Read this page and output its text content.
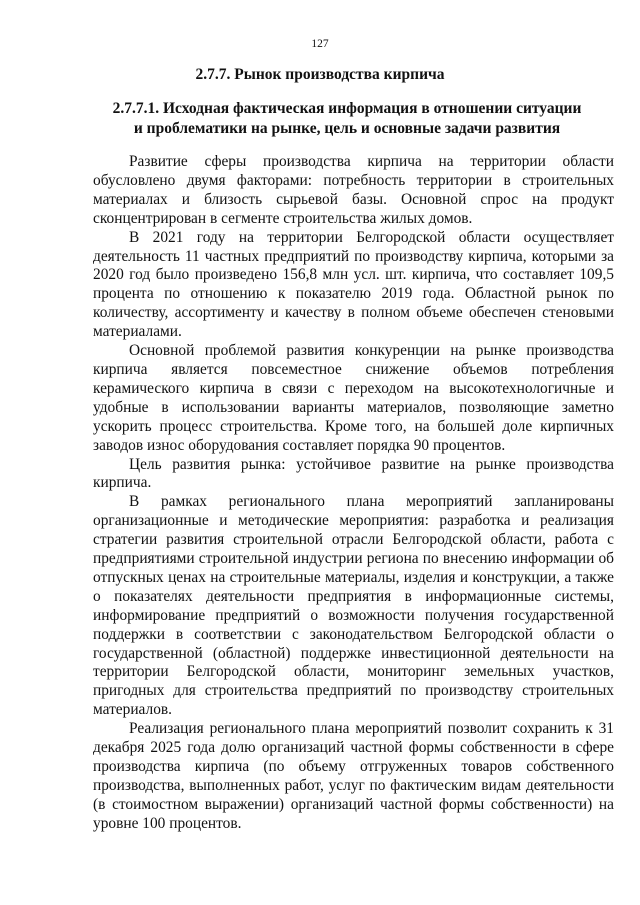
127
2.7.7. Рынок производства кирпича
2.7.7.1. Исходная фактическая информация в отношении ситуации
и проблематики на рынке, цель и основные задачи развития

Развитие сферы производства кирпича на территории области обусловлено двумя факторами: потребность территории в строительных материалах и близость сырьевой базы. Основной спрос на продукт сконцентрирован в сегменте строительства жилых домов.

В 2021 году на территории Белгородской области осуществляет деятельность 11 частных предприятий по производству кирпича, которыми за 2020 год было произведено 156,8 млн усл. шт. кирпича, что составляет 109,5 процента по отношению к показателю 2019 года. Областной рынок по количеству, ассортименту и качеству в полном объеме обеспечен стеновыми материалами.

Основной проблемой развития конкуренции на рынке производства кирпича является повсеместное снижение объемов потребления керамического кирпича в связи с переходом на высокотехнологичные и удобные в использовании варианты материалов, позволяющие заметно ускорить процесс строительства. Кроме того, на большей доле кирпичных заводов износ оборудования составляет порядка 90 процентов.

Цель развития рынка: устойчивое развитие на рынке производства кирпича.

В рамках регионального плана мероприятий запланированы организационные и методические мероприятия: разработка и реализация стратегии развития строительной отрасли Белгородской области, работа с предприятиями строительной индустрии региона по внесению информации об отпускных ценах на строительные материалы, изделия и конструкции, а также о показателях деятельности предприятия в информационные системы, информирование предприятий о возможности получения государственной поддержки в соответствии с законодательством Белгородской области о государственной (областной) поддержке инвестиционной деятельности на территории Белгородской области, мониторинг земельных участков, пригодных для строительства предприятий по производству строительных материалов.

Реализация регионального плана мероприятий позволит сохранить к 31 декабря 2025 года долю организаций частной формы собственности в сфере производства кирпича (по объему отгруженных товаров собственного производства, выполненных работ, услуг по фактическим видам деятельности (в стоимостном выражении) организаций частной формы собственности) на уровне 100 процентов.
